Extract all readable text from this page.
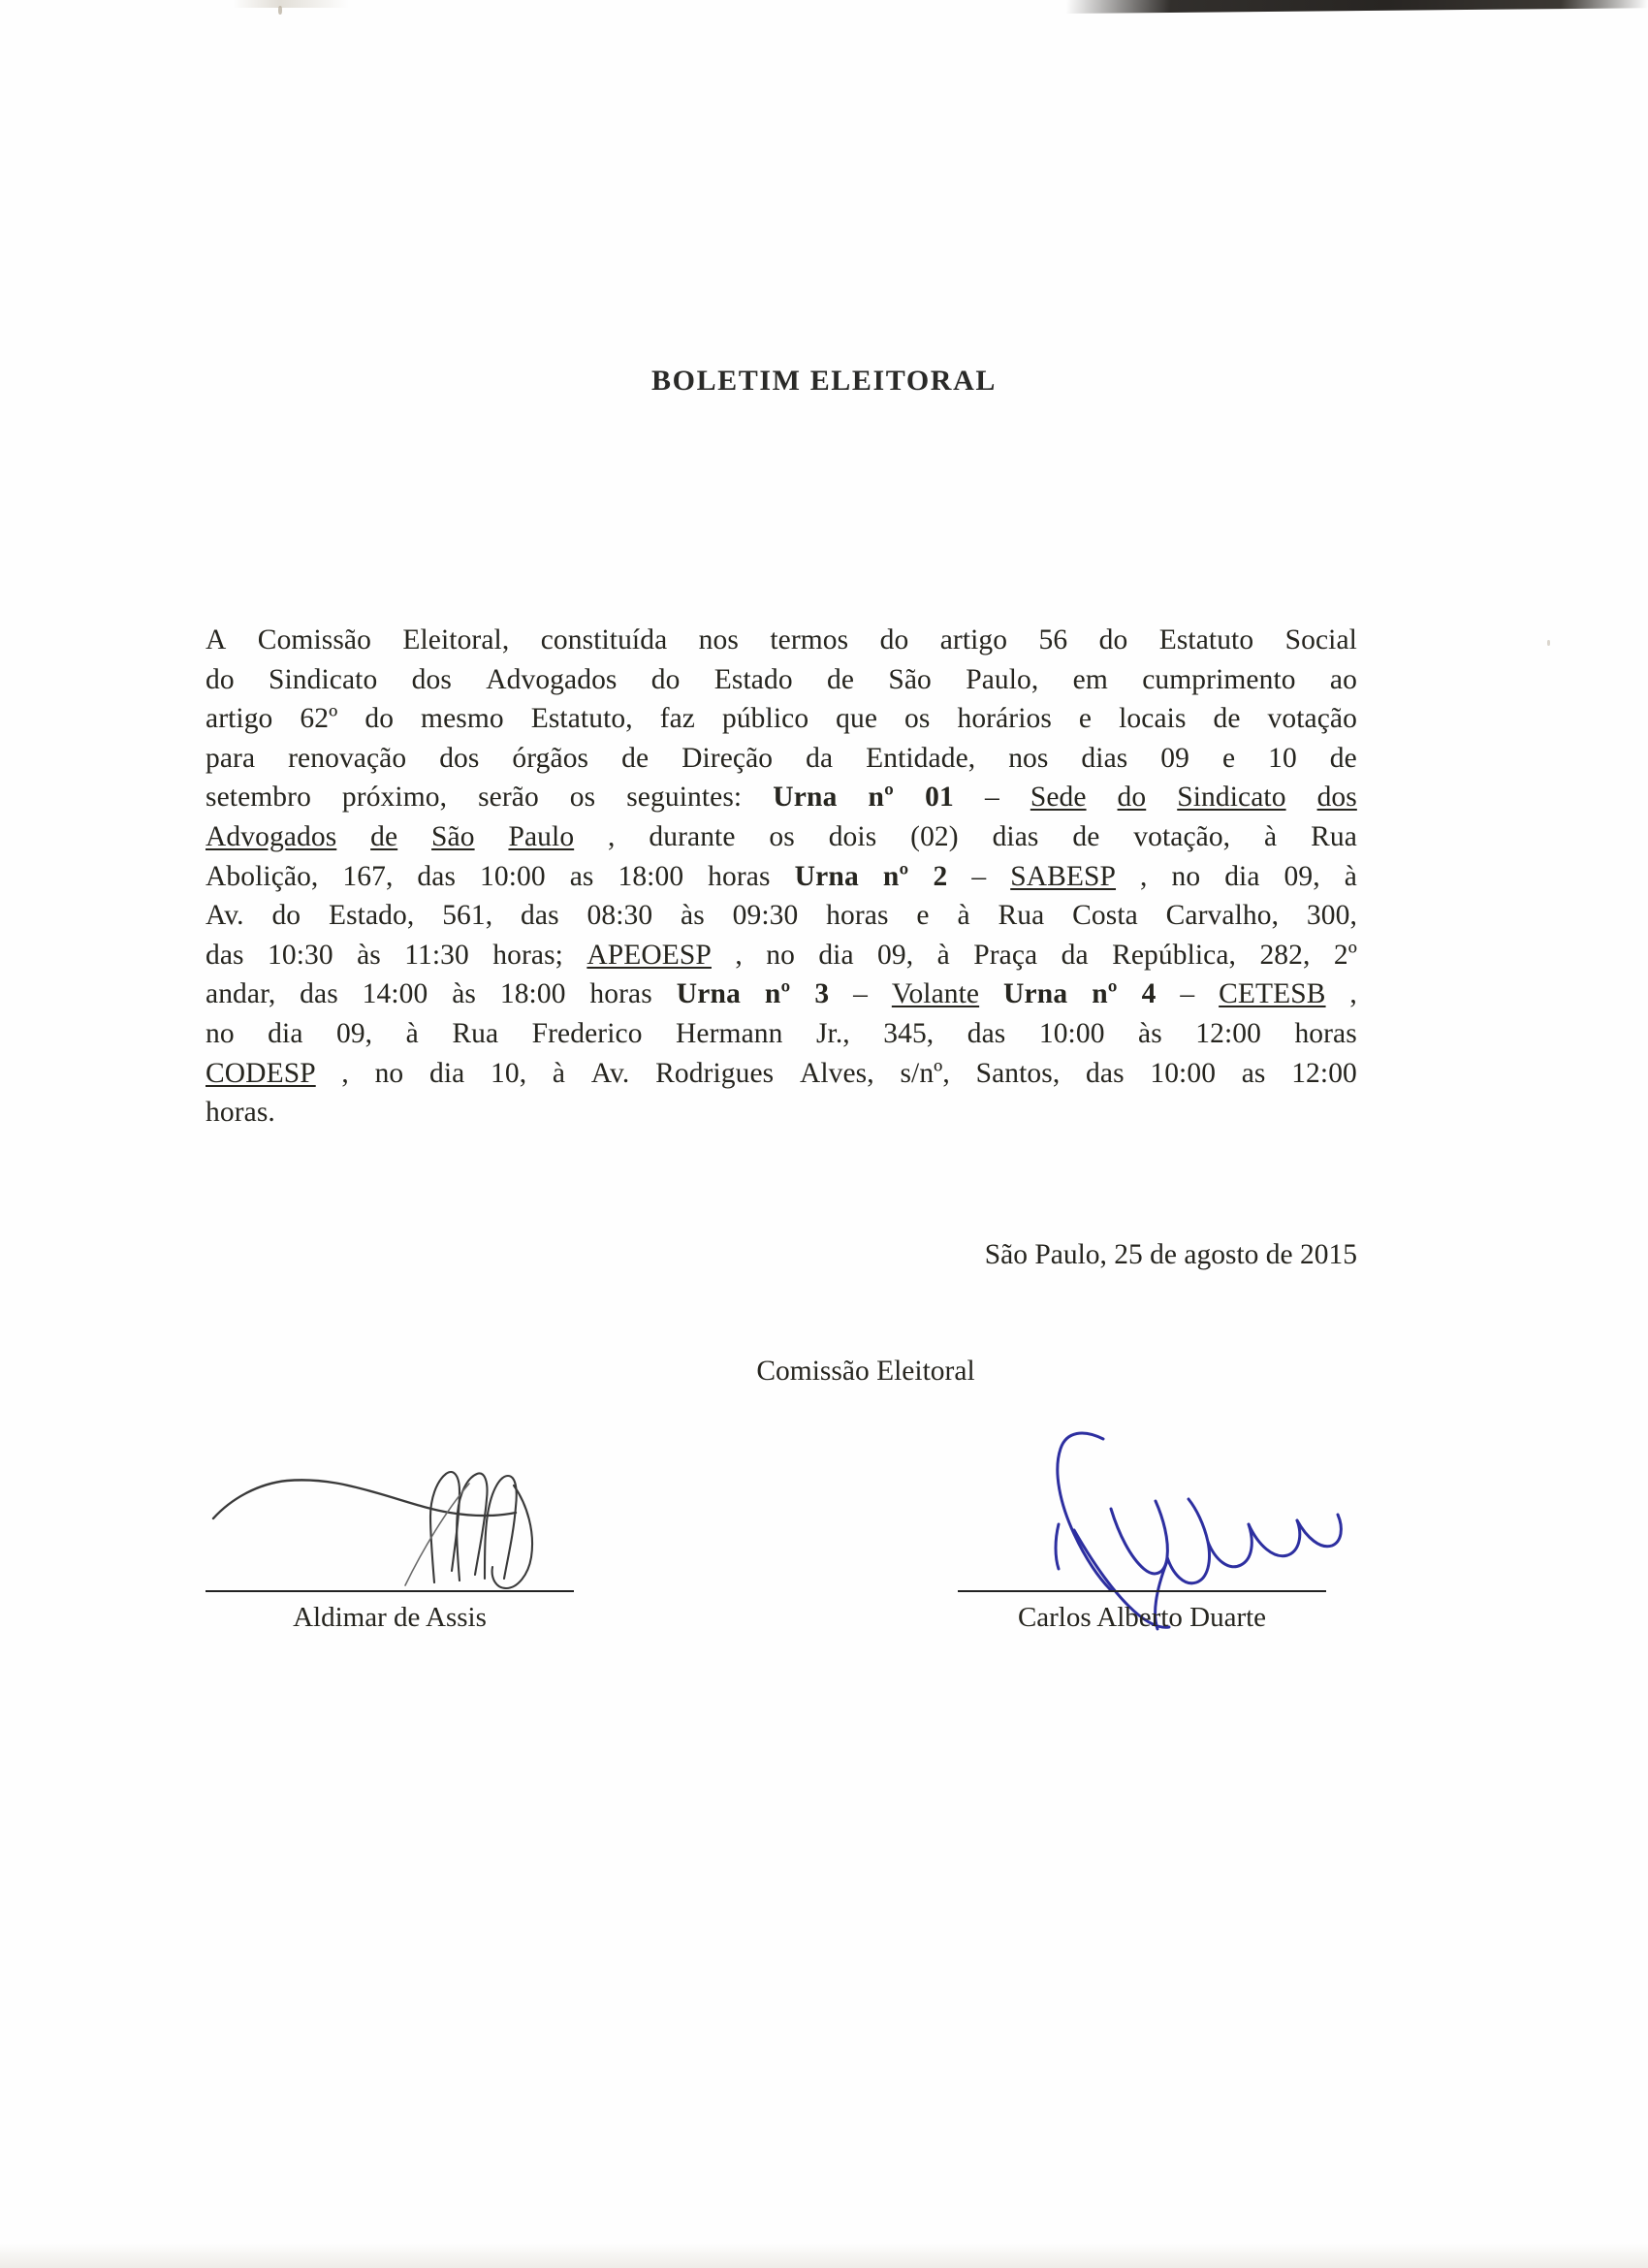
BOLETIM ELEITORAL
A Comissão Eleitoral, constituída nos termos do artigo 56 do Estatuto Social
do Sindicato dos Advogados do Estado de São Paulo, em cumprimento ao
artigo 62º do mesmo Estatuto, faz público que os horários e locais de votação
para renovação dos órgãos de Direção da Entidade, nos dias 09 e 10 de
setembro próximo, serão os seguintes: Urna nº 01 – Sede do Sindicato dos
Advogados de São Paulo , durante os dois (02) dias de votação, à Rua
Abolição, 167, das 10:00 as 18:00 horas Urna nº 2 – SABESP , no dia 09, à
Av. do Estado, 561, das 08:30 às 09:30 horas e à Rua Costa Carvalho, 300,
das 10:30 às 11:30 horas; APEOESP , no dia 09, à Praça da República, 282, 2º
andar, das 14:00 às 18:00 horas Urna nº 3 – Volante Urna nº 4 – CETESB ,
no dia 09, à Rua Frederico Hermann Jr., 345, das 10:00 às 12:00 horas
CODESP , no dia 10, à Av. Rodrigues Alves, s/nº, Santos, das 10:00 as 12:00
horas.
São Paulo, 25 de agosto de 2015
Comissão Eleitoral
Aldimar de Assis	Carlos Alberto Duarte
